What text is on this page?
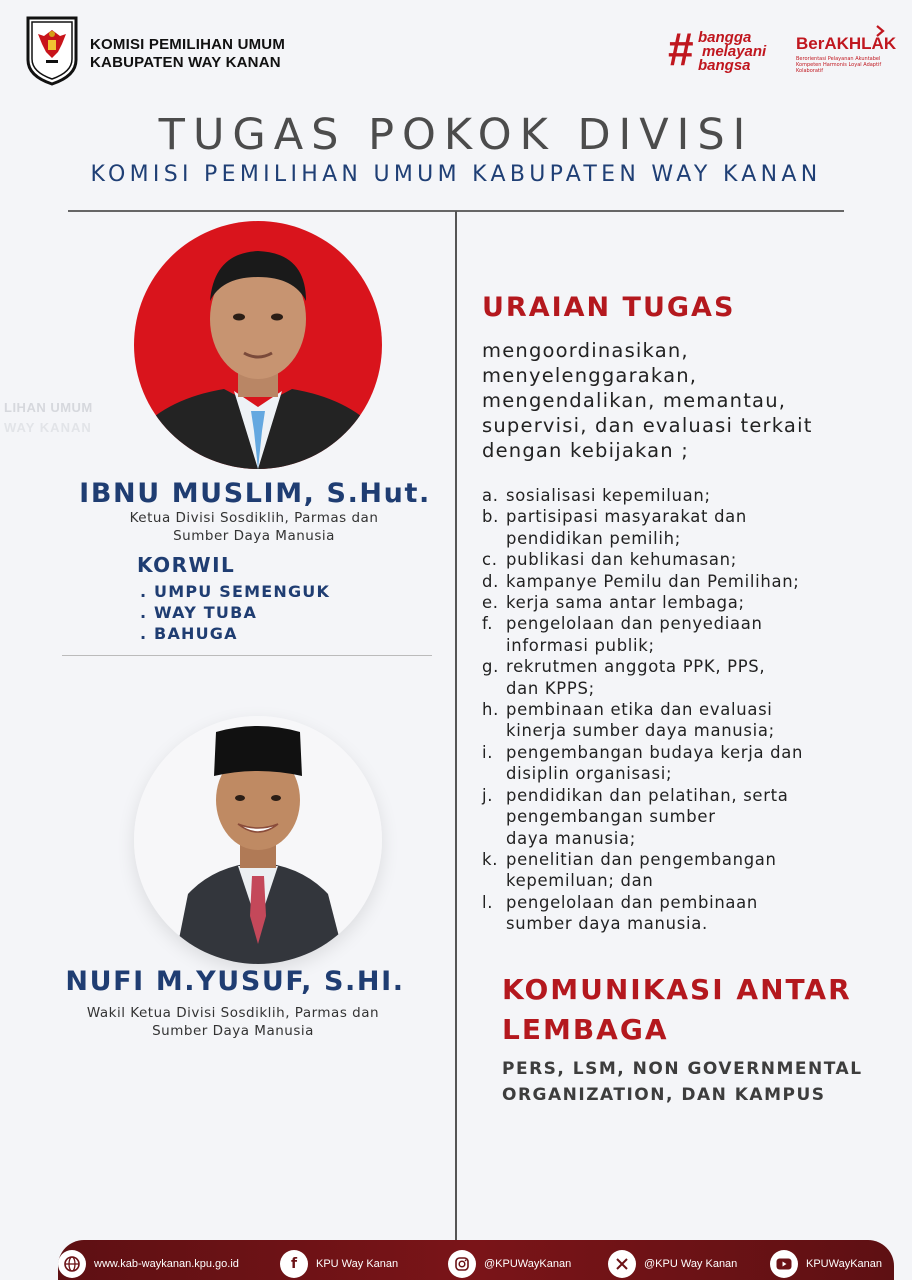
KOMISI PEMILIHAN UMUM
KABUPATEN WAY KANAN	# bangga
melayani
bangsa
BerAKHLAK
Berorientasi Pelayanan Akuntabel Kompeten Harmonis Loyal Adaptif Kolaboratif
TUGAS POKOK DIVISI
KOMISI PEMILIHAN UMUM KABUPATEN WAY KANAN
LIHAN UMUM
WAY KANAN
IBNU MUSLIM, S.Hut.
Ketua Divisi Sosdiklih, Parmas dan
Sumber Daya Manusia
KORWIL
. UMPU SEMENGUK
. WAY TUBA
. BAHUGA
NUFI M.YUSUF, S.HI.
Wakil Ketua Divisi Sosdiklih, Parmas dan
Sumber Daya Manusia
URAIAN TUGAS
mengoordinasikan,
menyelenggarakan,
mengendalikan, memantau,
supervisi, dan evaluasi terkait
dengan kebijakan ;
a. sosialisasi kepemiluan;
b. partisipasi masyarakat dan
pendidikan pemilih;
c. publikasi dan kehumasan;
d. kampanye Pemilu dan Pemilihan;
e. kerja sama antar lembaga;
f. pengelolaan dan penyediaan
informasi publik;
g. rekrutmen anggota PPK, PPS,
dan KPPS;
h. pembinaan etika dan evaluasi
kinerja sumber daya manusia;
i. pengembangan budaya kerja dan
disiplin organisasi;
j. pendidikan dan pelatihan, serta
pengembangan sumber
daya manusia;
k. penelitian dan pengembangan
kepemiluan; dan
l. pengelolaan dan pembinaan
sumber daya manusia.
KOMUNIKASI ANTAR
LEMBAGA
PERS, LSM, NON GOVERNMENTAL
ORGANIZATION, DAN KAMPUS
www.kab-waykanan.kpu.go.id	f	KPU Way Kanan	@KPUWayKanan	@KPU Way Kanan	KPUWayKanan
